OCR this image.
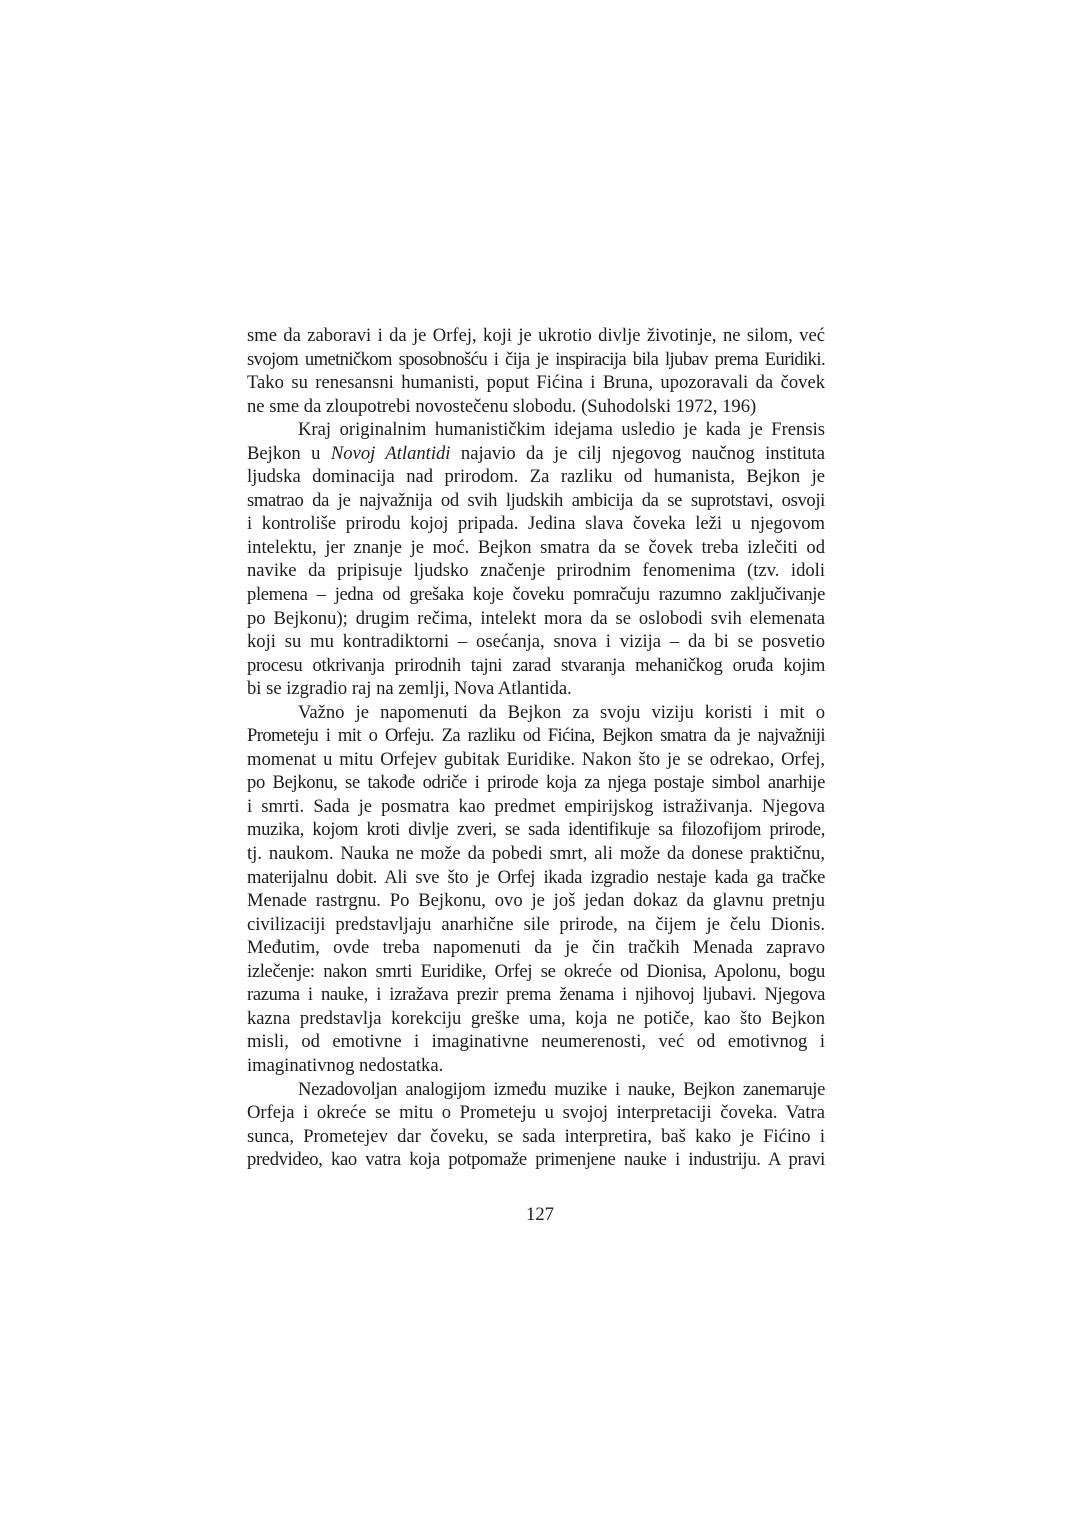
sme da zaboravi i da je Orfej, koji je ukrotio divlje životinje, ne silom, već
svojom umetničkom sposobnošću i čija je inspiracija bila ljubav prema Euridiki.
Tako su renesansni humanisti, poput Fićina i Bruna, upozoravali da čovek
ne sme da zloupotrebi novostečenu slobodu. (Suhodolski 1972, 196)
Kraj originalnim humanističkim idejama usledio je kada je Frensis
Bejkon u Novoj Atlantidi najavio da je cilj njegovog naučnog instituta
ljudska dominacija nad prirodom. Za razliku od humanista, Bejkon je
smatrao da je najvažnija od svih ljudskih ambicija da se suprotstavi, osvoji
i kontroliše prirodu kojoj pripada. Jedina slava čoveka leži u njegovom
intelektu, jer znanje je moć. Bejkon smatra da se čovek treba izlečiti od
navike da pripisuje ljudsko značenje prirodnim fenomenima (tzv. idoli
plemena – jedna od grešaka koje čoveku pomračuju razumno zaključivanje
po Bejkonu); drugim rečima, intelekt mora da se oslobodi svih elemenata
koji su mu kontradiktorni – osećanja, snova i vizija – da bi se posvetio
procesu otkrivanja prirodnih tajni zarad stvaranja mehaničkog oruđa kojim
bi se izgradio raj na zemlji, Nova Atlantida.
Važno je napomenuti da Bejkon za svoju viziju koristi i mit o
Prometeju i mit o Orfeju. Za razliku od Fićina, Bejkon smatra da je najvažniji
momenat u mitu Orfejev gubitak Euridike. Nakon što je se odrekao, Orfej,
po Bejkonu, se takođe odriče i prirode koja za njega postaje simbol anarhije
i smrti. Sada je posmatra kao predmet empirijskog istraživanja. Njegova
muzika, kojom kroti divlje zveri, se sada identifikuje sa filozofijom prirode,
tj. naukom. Nauka ne može da pobedi smrt, ali može da donese praktičnu,
materijalnu dobit. Ali sve što je Orfej ikada izgradio nestaje kada ga tračke
Menade rastrgnu. Po Bejkonu, ovo je još jedan dokaz da glavnu pretnju
civilizaciji predstavljaju anarhične sile prirode, na čijem je čelu Dionis.
Međutim, ovde treba napomenuti da je čin tračkih Menada zapravo
izlečenje: nakon smrti Euridike, Orfej se okreće od Dionisa, Apolonu, bogu
razuma i nauke, i izražava prezir prema ženama i njihovoj ljubavi. Njegova
kazna predstavlja korekciju greške uma, koja ne potiče, kao što Bejkon
misli, od emotivne i imaginativne neumerenosti, već od emotivnog i
imaginativnog nedostatka.
Nezadovoljan analogijom između muzike i nauke, Bejkon zanemaruje
Orfeja i okreće se mitu o Prometeju u svojoj interpretaciji čoveka. Vatra
sunca, Prometejev dar čoveku, se sada interpretira, baš kako je Fićino i
predvideo, kao vatra koja potpomaže primenjene nauke i industriju. A pravi
127
